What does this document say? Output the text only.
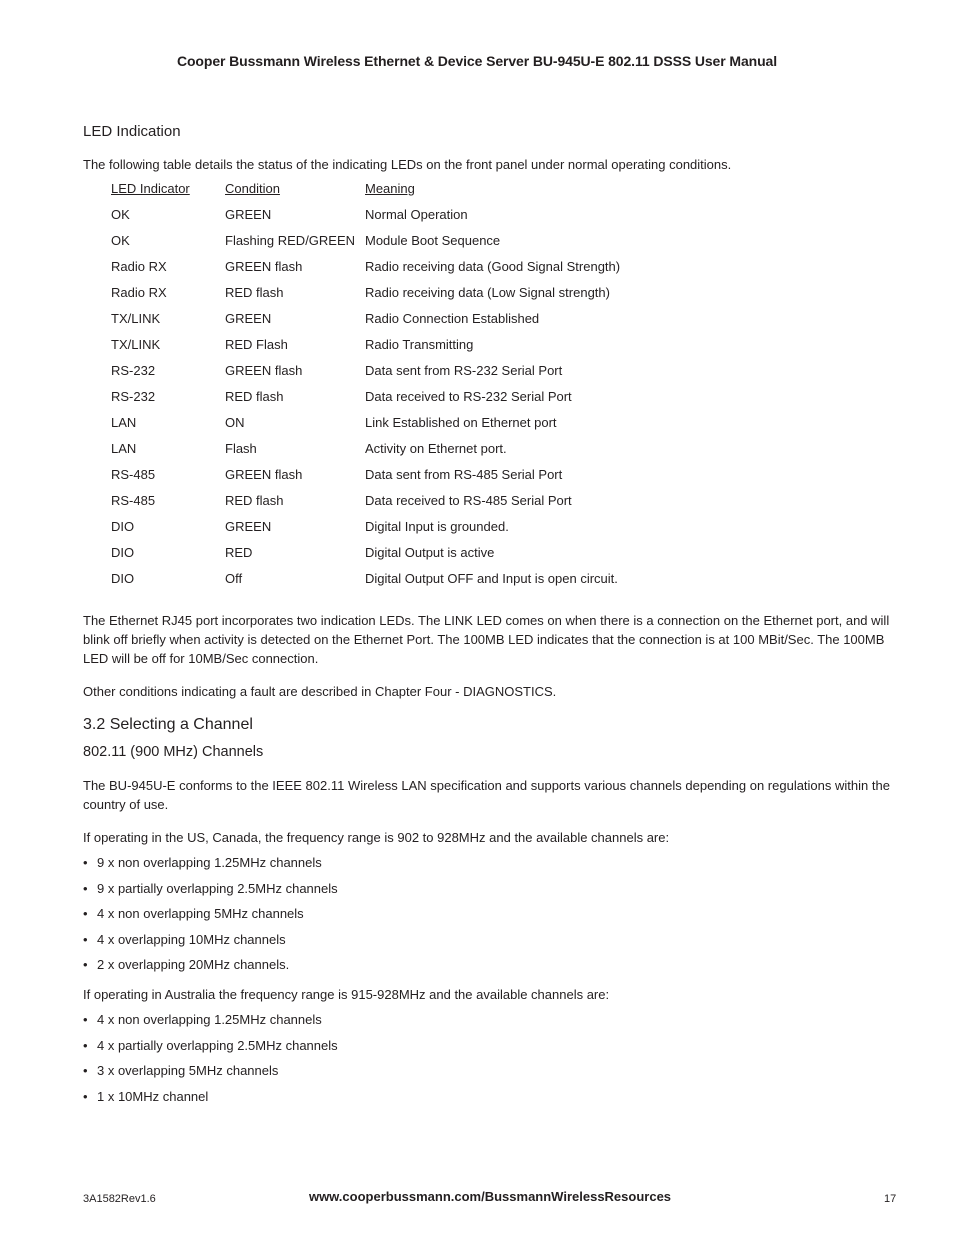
Cooper Bussmann Wireless Ethernet & Device Server BU-945U-E 802.11 DSSS User Manual
LED Indication

The following table details the status of the indicating LEDs on the front panel under normal operating conditions.

LED Indicator	Condition	Meaning
OK	GREEN	Normal Operation
OK	Flashing RED/GREEN	Module Boot Sequence
Radio RX	GREEN flash	Radio receiving data (Good Signal Strength)
Radio RX	RED flash	Radio receiving data (Low Signal strength)
TX/LINK	GREEN	Radio Connection Established
TX/LINK	RED Flash	Radio Transmitting
RS-232	GREEN flash	Data sent from RS-232 Serial Port
RS-232	RED flash	Data received to RS-232 Serial Port
LAN	ON	Link Established on Ethernet port
LAN	Flash	Activity on Ethernet port.
RS-485	GREEN flash	Data sent from RS-485 Serial Port
RS-485	RED flash	Data received to RS-485 Serial Port
DIO	GREEN	Digital Input is grounded.
DIO	RED	Digital Output is active
DIO	Off	Digital Output OFF and Input is open circuit.

The Ethernet RJ45 port incorporates two indication LEDs. The LINK LED comes on when there is a connection on the Ethernet port, and will blink off briefly when activity is detected on the Ethernet Port. The 100MB LED indicates that the connection is at 100 MBit/Sec. The 100MB LED will be off for 10MB/Sec connection.

Other conditions indicating a fault are described in Chapter Four - DIAGNOSTICS.

3.2 Selecting a Channel
802.11 (900 MHz) Channels

The BU-945U-E conforms to the IEEE 802.11 Wireless LAN specification and supports various channels depending on regulations within the country of use.

If operating in the US, Canada, the frequency range is 902 to 928MHz and the available channels are:

• 9 x non overlapping 1.25MHz channels
• 9 x partially overlapping 2.5MHz channels
• 4 x non overlapping 5MHz channels
• 4 x overlapping 10MHz channels
• 2 x overlapping 20MHz channels.

If operating in Australia the frequency range is 915-928MHz and the available channels are:

• 4 x non overlapping 1.25MHz channels
• 4 x partially overlapping 2.5MHz channels
• 3 x overlapping 5MHz channels
• 1 x 10MHz channel
3A1582Rev1.6	www.cooperbussmann.com/BussmannWirelessResources	17
